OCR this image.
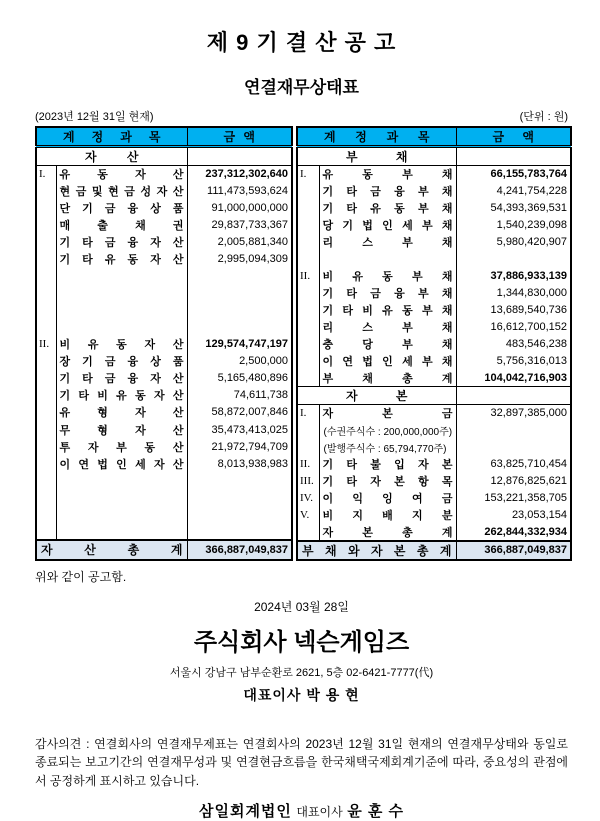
제 9 기 결 산 공 고
연결재무상태표
(2023년 12월 31일 현재)	(단위 : 원)
계 정 과 목		금 액
자 산		
I.	유 동 자 산	237,312,302,640
	현 금 및 현 금 성 자 산	111,473,593,624
	단 기 금 융 상 품	91,000,000,000
	매 출 채 권	29,837,733,367
	기 타 금 융 자 산	2,005,881,340
	기 타 유 동 자 산	2,995,094,309

II.	비 유 동 자 산	129,574,747,197
	장 기 금 융 상 품	2,500,000
	기 타 금 융 자 산	5,165,480,896
	기 타 비 유 동 자 산	74,611,738
	유 형 자 산	58,872,007,846
	무 형 자 산	35,473,413,025
	투 자 부 동 산	21,972,794,709
	이 연 법 인 세 자 산	8,013,938,983

자 산 총 계		366,887,049,837
계 정 과 목		금 액
부 채		
I.	유 동 부 채	66,155,783,764
	기 타 금 융 부 채	4,241,754,228
	기 타 유 동 부 채	54,393,369,531
	당 기 법 인 세 부 채	1,540,239,098
	리 스 부 채	5,980,420,907

II.	비 유 동 부 채	37,886,933,139
	기 타 금 융 부 채	1,344,830,000
	기 타 비 유 동 부 채	13,689,540,736
	리 스 부 채	16,612,700,152
	충 당 부 채	483,546,238
	이 연 법 인 세 부 채	5,756,316,013
	부 채 총 계	104,042,716,903
자 본		
I.	자 본 금	32,897,385,000
	(수권주식수 : 200,000,000주)	
	(발행주식수 : 65,794,770주)	
II.	기 타 불 입 자 본	63,825,710,454
III.	기 타 자 본 항 목	12,876,825,621
IV.	이 익 잉 여 금	153,221,358,705
V.	비 지 배 지 분	23,053,154
	자 본 총 계	262,844,332,934
부 채 와 자 본 총 계		366,887,049,837
위와 같이 공고함.
2024년 03월 28일
주식회사 넥슨게임즈
서울시 강남구 남부순환로 2621, 5층 02-6421-7777(代)
대표이사 박 용 현

감사의견 : 연결회사의 연결재무제표는 연결회사의 2023년 12월 31일 현재의 연결재무상태와 동일로 종료되는 보고기간의 연결재무성과 및 연결현금흐름을 한국채택국제회계기준에 따라, 중요성의 관점에서 공정하게 표시하고 있습니다.

삼일회계법인 대표이사 윤 훈 수
